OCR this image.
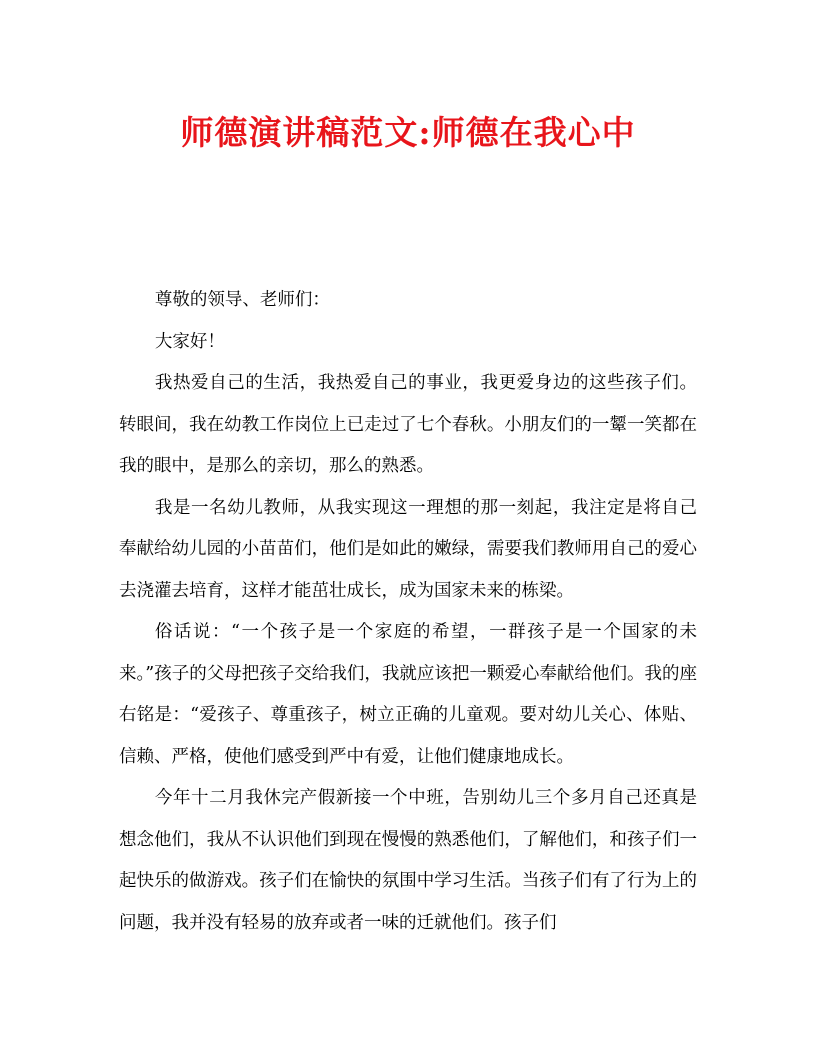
师德演讲稿范文:师德在我心中

尊敬的领导、老师们：

大家好！

我热爱自己的生活，我热爱自己的事业，我更爱身边的这些孩子们。转眼间，我在幼教工作岗位上已走过了七个春秋。小朋友们的一颦一笑都在我的眼中，是那么的亲切，那么的熟悉。

我是一名幼儿教师，从我实现这一理想的那一刻起，我注定是将自己奉献给幼儿园的小苗苗们，他们是如此的嫩绿，需要我们教师用自己的爱心去浇灌去培育，这样才能茁壮成长，成为国家未来的栋梁。

俗话说：“一个孩子是一个家庭的希望，一群孩子是一个国家的未来。”孩子的父母把孩子交给我们，我就应该把一颗爱心奉献给他们。我的座右铭是：“爱孩子、尊重孩子，树立正确的儿童观。要对幼儿关心、体贴、信赖、严格，使他们感受到严中有爱，让他们健康地成长。

今年十二月我休完产假新接一个中班，告别幼儿三个多月自己还真是想念他们，我从不认识他们到现在慢慢的熟悉他们，了解他们，和孩子们一起快乐的做游戏。孩子们在愉快的氛围中学习生活。当孩子们有了行为上的问题，我并没有轻易的放弃或者一味的迁就他们。孩子们
